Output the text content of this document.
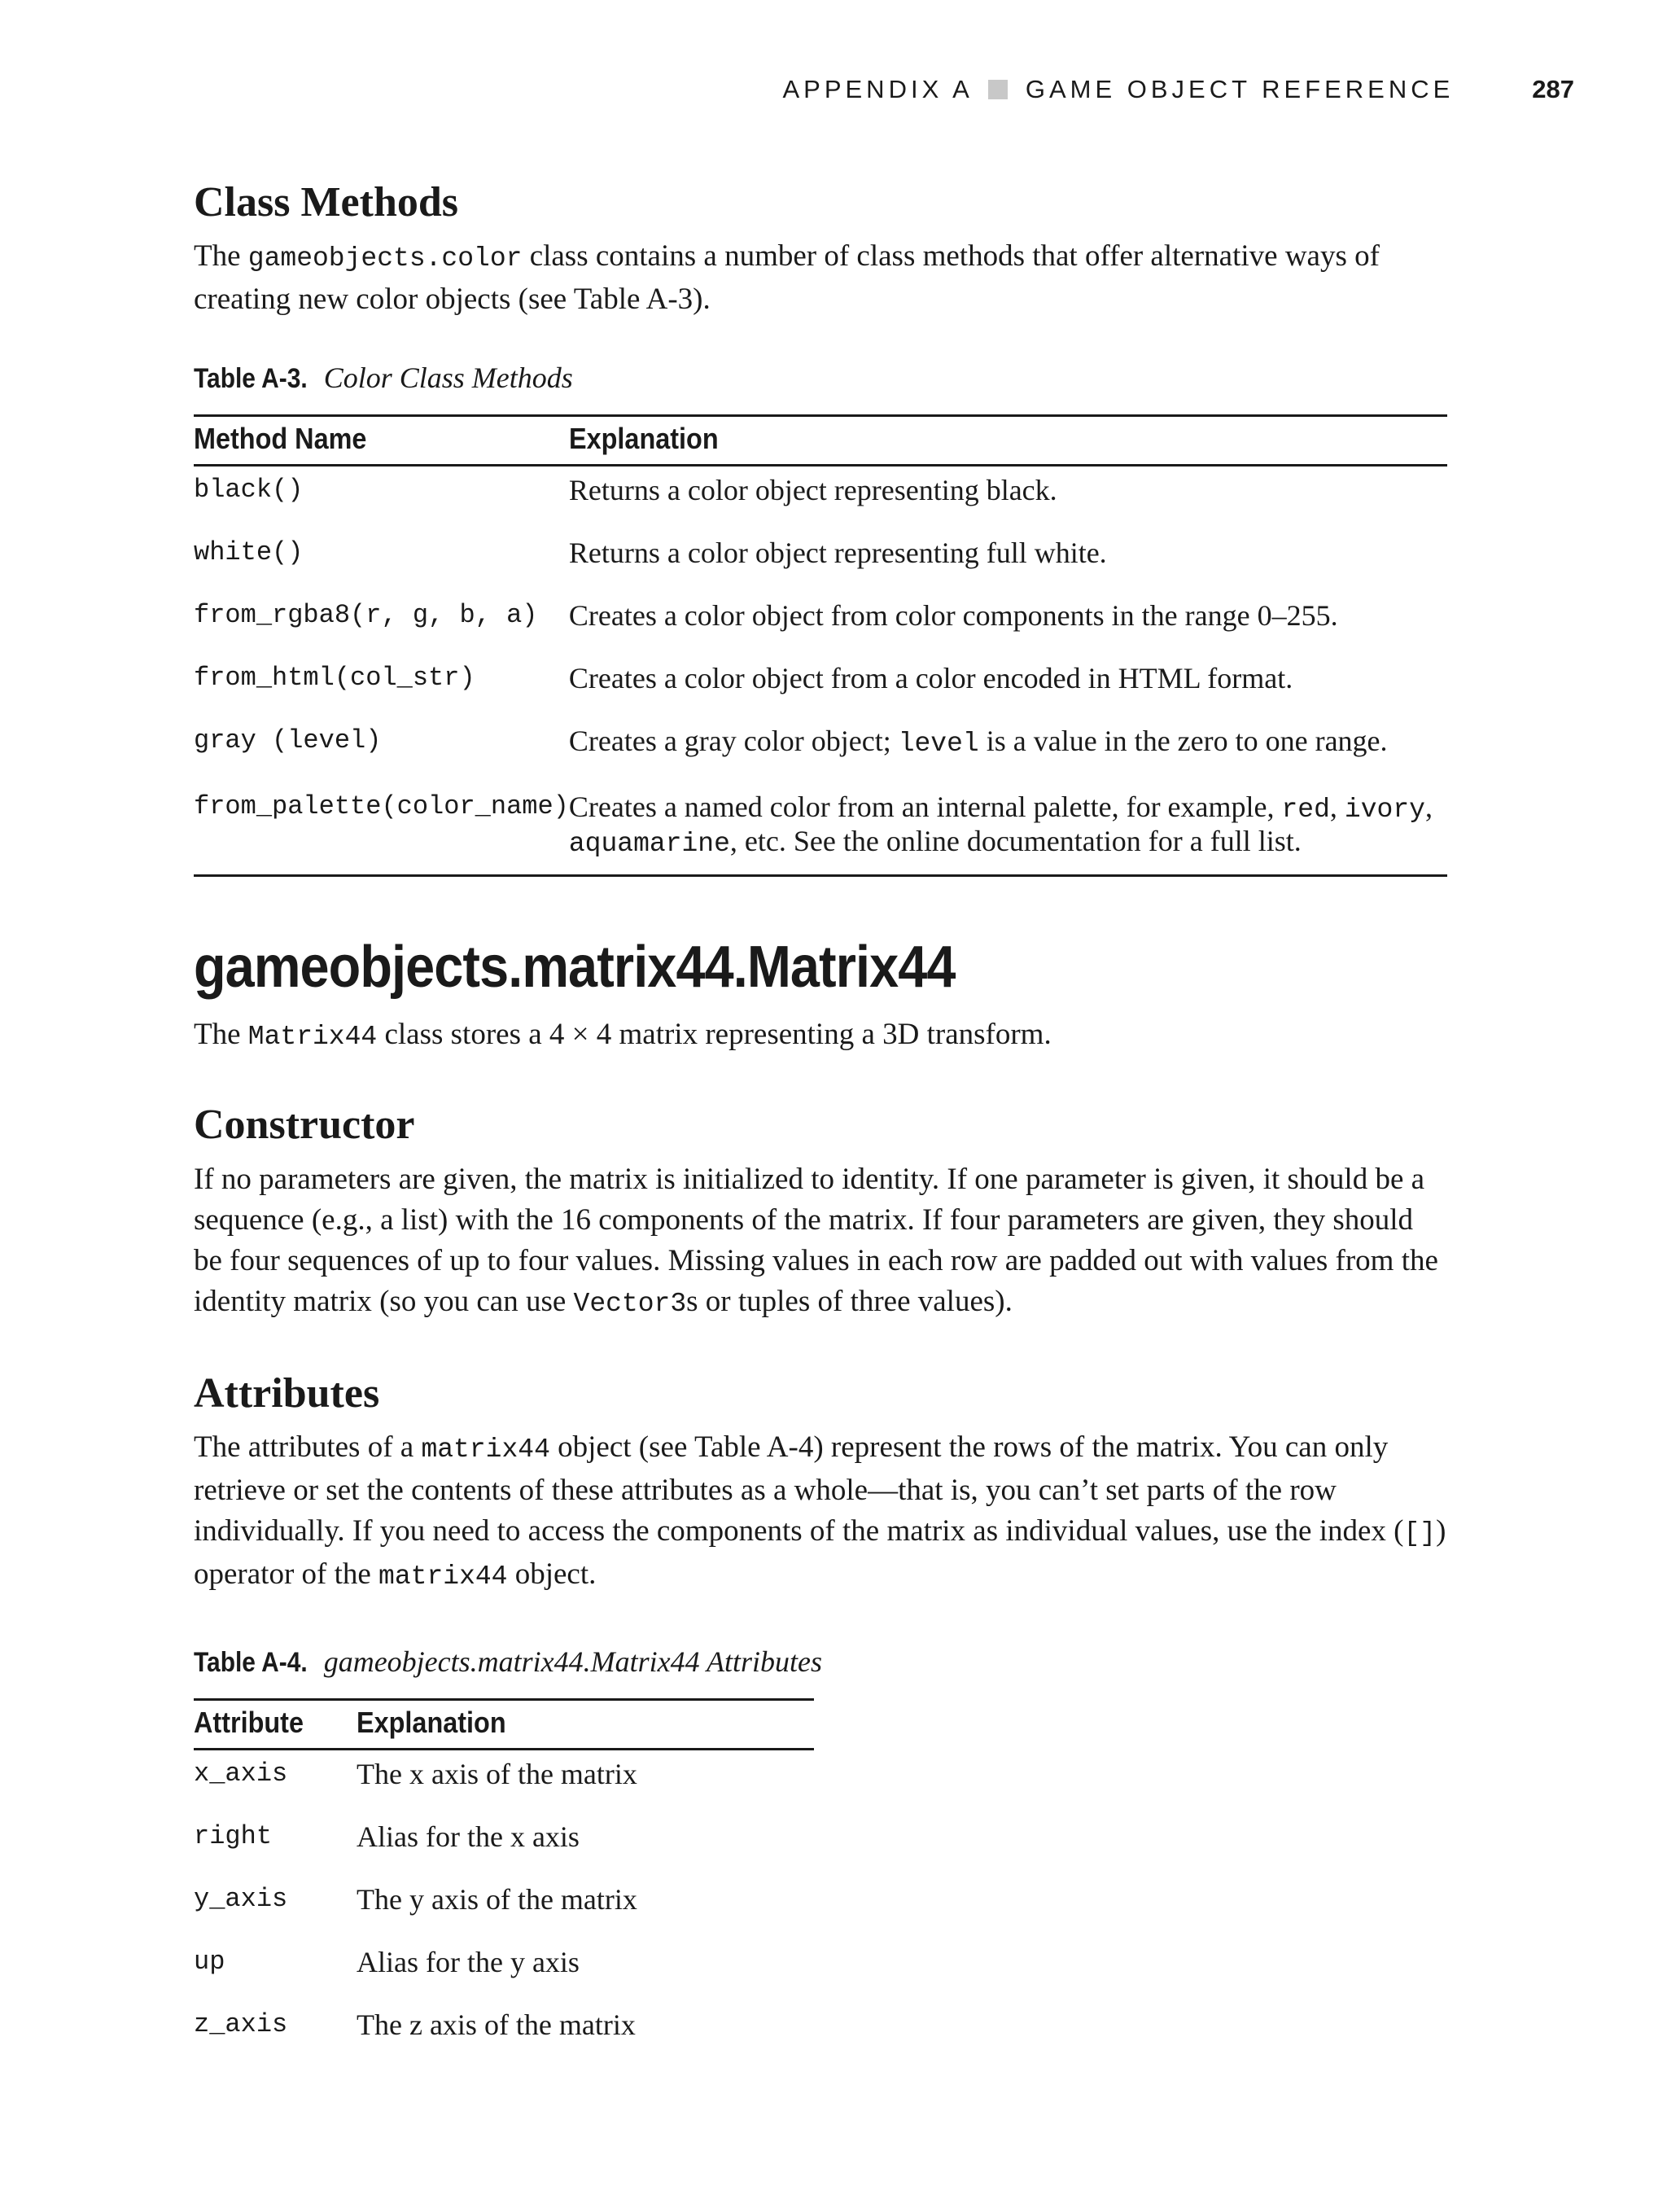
APPENDIX A GAME OBJECT REFERENCE	287
Class Methods

The gameobjects.color class contains a number of class methods that offer alternative ways of creating new color objects (see Table A-3).

Table A-3. Color Class Methods

Method Name	Explanation
black()	Returns a color object representing black.
white()	Returns a color object representing full white.
from_rgba8(r, g, b, a)	Creates a color object from color components in the range 0–255.
from_html(col_str)	Creates a color object from a color encoded in HTML format.
gray (level)	Creates a gray color object; level is a value in the zero to one range.
from_palette(color_name)	Creates a named color from an internal palette, for example, red, ivory, aquamarine, etc. See the online documentation for a full list.
gameobjects.matrix44.Matrix44

The Matrix44 class stores a 4 × 4 matrix representing a 3D transform.

Constructor

If no parameters are given, the matrix is initialized to identity. If one parameter is given, it should be a sequence (e.g., a list) with the 16 components of the matrix. If four parameters are given, they should be four sequences of up to four values. Missing values in each row are padded out with values from the identity matrix (so you can use Vector3s or tuples of three values).

Attributes

The attributes of a matrix44 object (see Table A-4) represent the rows of the matrix. You can only retrieve or set the contents of these attributes as a whole—that is, you can’t set parts of the row individually. If you need to access the components of the matrix as individual values, use the index ([]) operator of the matrix44 object.

Table A-4. gameobjects.matrix44.Matrix44 Attributes

Attribute	Explanation
x_axis	The x axis of the matrix
right	Alias for the x axis
y_axis	The y axis of the matrix
up	Alias for the y axis
z_axis	The z axis of the matrix
